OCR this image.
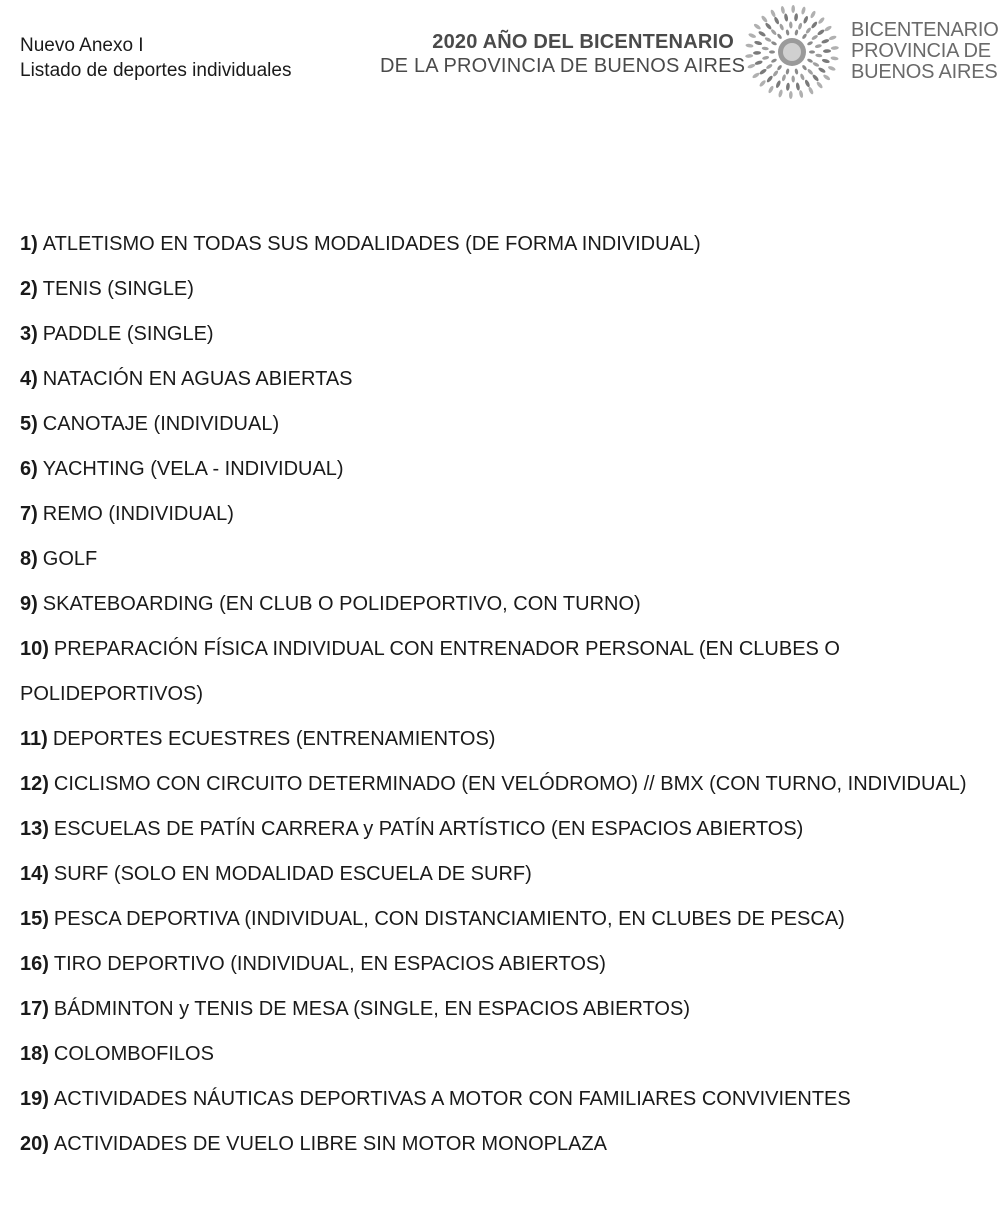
Nuevo Anexo I
Listado de deportes individuales
2020 AÑO DEL BICENTENARIO
DE LA PROVINCIA DE BUENOS AIRES
BICENTENARIO
PROVINCIA DE
BUENOS AIRES
1) ATLETISMO EN TODAS SUS MODALIDADES (DE FORMA INDIVIDUAL)
2) TENIS (SINGLE)
3) PADDLE (SINGLE)
4) NATACIÓN EN AGUAS ABIERTAS
5) CANOTAJE (INDIVIDUAL)
6) YACHTING (VELA - INDIVIDUAL)
7) REMO (INDIVIDUAL)
8) GOLF
9) SKATEBOARDING (EN CLUB O POLIDEPORTIVO, CON TURNO)
10) PREPARACIÓN FÍSICA INDIVIDUAL CON ENTRENADOR PERSONAL (EN CLUBES O POLIDEPORTIVOS)
11) DEPORTES ECUESTRES (ENTRENAMIENTOS)
12) CICLISMO CON CIRCUITO DETERMINADO (EN VELÓDROMO) // BMX (CON TURNO, INDIVIDUAL)
13) ESCUELAS DE PATÍN CARRERA y PATÍN ARTÍSTICO (EN ESPACIOS ABIERTOS)
14) SURF (SOLO EN MODALIDAD ESCUELA DE SURF)
15) PESCA DEPORTIVA (INDIVIDUAL, CON DISTANCIAMIENTO, EN CLUBES DE PESCA)
16) TIRO DEPORTIVO (INDIVIDUAL, EN ESPACIOS ABIERTOS)
17) BÁDMINTON y TENIS DE MESA (SINGLE, EN ESPACIOS ABIERTOS)
18) COLOMBOFILOS
19) ACTIVIDADES NÁUTICAS DEPORTIVAS A MOTOR CON FAMILIARES CONVIVIENTES
20) ACTIVIDADES DE VUELO LIBRE SIN MOTOR MONOPLAZA
